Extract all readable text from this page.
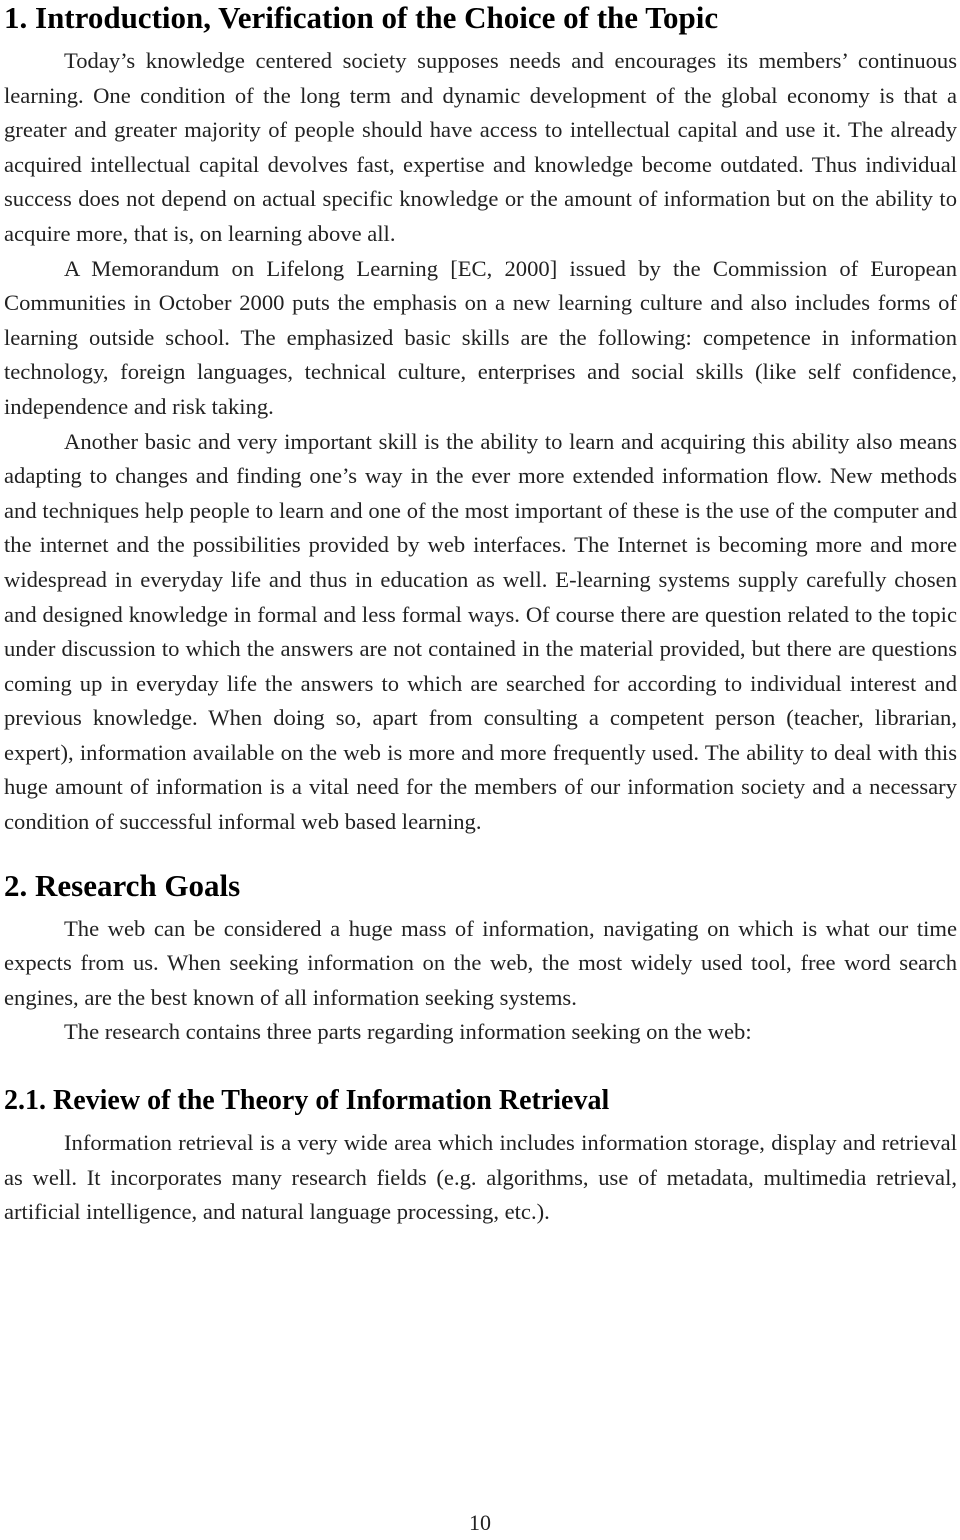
1. Introduction, Verification of the Choice of the Topic

Today’s knowledge centered society supposes needs and encourages its members’ continuous learning. One condition of the long term and dynamic development of the global economy is that a greater and greater majority of people should have access to intellectual capital and use it. The already acquired intellectual capital devolves fast, expertise and knowledge become outdated. Thus individual success does not depend on actual specific knowledge or the amount of information but on the ability to acquire more, that is, on learning above all.

A Memorandum on Lifelong Learning [EC, 2000] issued by the Commission of European Communities in October 2000 puts the emphasis on a new learning culture and also includes forms of learning outside school. The emphasized basic skills are the following: competence in information technology, foreign languages, technical culture, enterprises and social skills (like self confidence, independence and risk taking.

Another basic and very important skill is the ability to learn and acquiring this ability also means adapting to changes and finding one’s way in the ever more extended information flow. New methods and techniques help people to learn and one of the most important of these is the use of the computer and the internet and the possibilities provided by web interfaces. The Internet is becoming more and more widespread in everyday life and thus in education as well. E-learning systems supply carefully chosen and designed knowledge in formal and less formal ways. Of course there are question related to the topic under discussion to which the answers are not contained in the material provided, but there are questions coming up in everyday life the answers to which are searched for according to individual interest and previous knowledge. When doing so, apart from consulting a competent person (teacher, librarian, expert), information available on the web is more and more frequently used. The ability to deal with this huge amount of information is a vital need for the members of our information society and a necessary condition of successful informal web based learning.

2. Research Goals

The web can be considered a huge mass of information, navigating on which is what our time expects from us. When seeking information on the web, the most widely used tool, free word search engines, are the best known of all information seeking systems.

The research contains three parts regarding information seeking on the web:

2.1. Review of the Theory of Information Retrieval

Information retrieval is a very wide area which includes information storage, display and retrieval as well. It incorporates many research fields (e.g. algorithms, use of metadata, multimedia retrieval, artificial intelligence, and natural language processing, etc.).

10
